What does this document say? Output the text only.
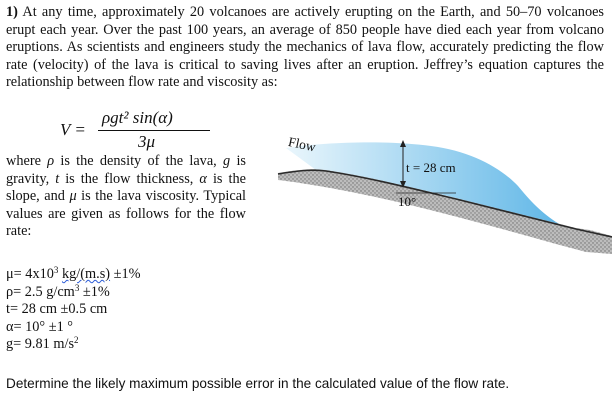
1) At any time, approximately 20 volcanoes are actively erupting on the Earth, and 50–70 volcanoes erupt each year. Over the past 100 years, an average of 850 people have died each year from volcano eruptions. As scientists and engineers study the mechanics of lava flow, accurately predicting the flow rate (velocity) of the lava is critical to saving lives after an eruption. Jeffrey’s equation captures the relationship between flow rate and viscosity as:
V =
ρgt² sin(α)
3μ
where ρ is the density of the lava, g is gravity, t is the flow thickness, α is the slope, and μ is the lava viscosity. Typical values are given as follows for the flow rate:
$\mu= 4x10^3$ kg/(m.s) ±1%
ρ= 2.5 $g/cm^3 \pm 1\%$
t= 28 cm ±0.5 cm
α= 10° ±1 °
g= 9.81 $m/s^2$
Determine the likely maximum possible error in the calculated value of the flow rate.
Flow
t = 28 cm
10°
